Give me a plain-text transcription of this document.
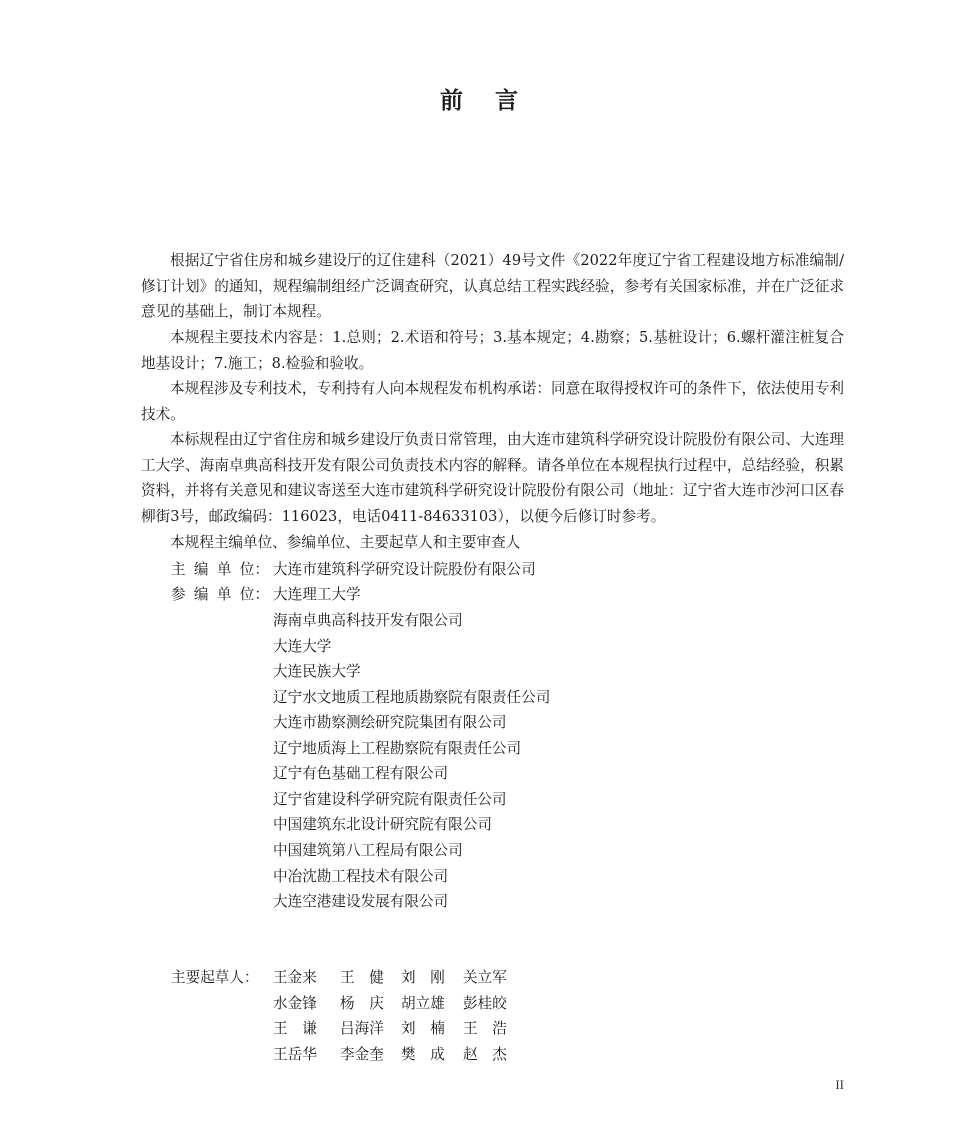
前 言

根据辽宁省住房和城乡建设厅的辽住建科（2021）49号文件《2022年度辽宁省工程建设地方标准编制/修订计划》的通知，规程编制组经广泛调查研究，认真总结工程实践经验，参考有关国家标准，并在广泛征求意见的基础上，制订本规程。

本规程主要技术内容是：1.总则；2.术语和符号；3.基本规定；4.勘察；5.基桩设计；6.螺杆灌注桩复合地基设计；7.施工；8.检验和验收。

本规程涉及专利技术，专利持有人向本规程发布机构承诺：同意在取得授权许可的条件下，依法使用专利技术。

本标规程由辽宁省住房和城乡建设厅负责日常管理，由大连市建筑科学研究设计院股份有限公司、大连理工大学、海南卓典高科技开发有限公司负责技术内容的解释。请各单位在本规程执行过程中，总结经验，积累资料，并将有关意见和建议寄送至大连市建筑科学研究设计院股份有限公司（地址：辽宁省大连市沙河口区春柳街3号，邮政编码：116023，电话0411-84633103），以便今后修订时参考。

本规程主编单位、参编单位、主要起草人和主要审查人

主 编 单 位： 大连市建筑科学研究设计院股份有限公司
参 编 单 位： 大连理工大学
海南卓典高科技开发有限公司
大连大学
大连民族大学
辽宁水文地质工程地质勘察院有限责任公司
大连市勘察测绘研究院集团有限公司
辽宁地质海上工程勘察院有限责任公司
辽宁有色基础工程有限公司
辽宁省建设科学研究院有限责任公司
中国建筑东北设计研究院有限公司
中国建筑第八工程局有限公司
中冶沈勘工程技术有限公司
大连空港建设发展有限公司
主要起草人： 王金来 王　健 刘　刚 关立军
水金锋 杨　庆 胡立雄 彭桂皎
王　谦 吕海洋 刘　楠 王　浩
王岳华 李金奎 樊　成 赵　杰
II
